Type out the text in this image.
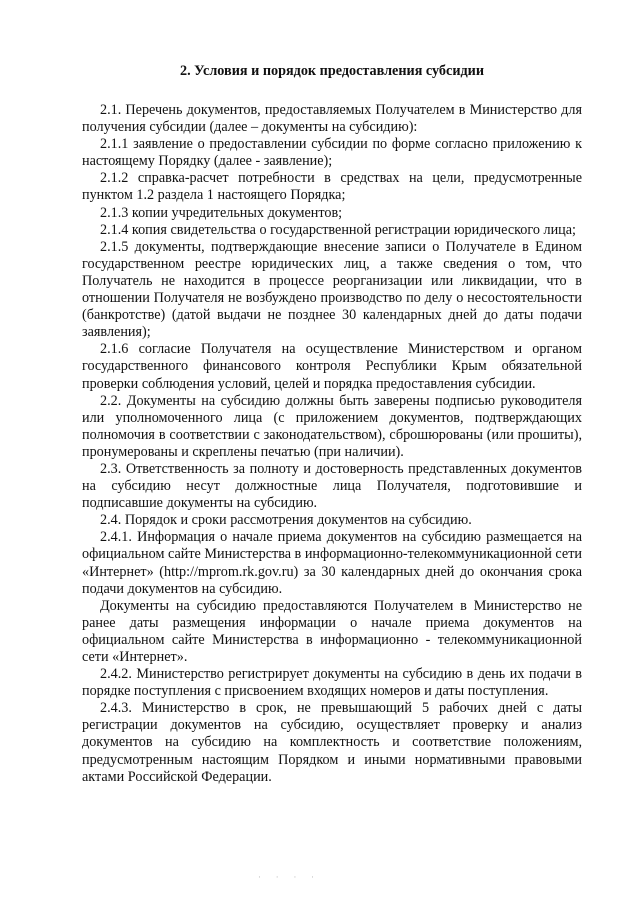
2. Условия и порядок предоставления субсидии

2.1. Перечень документов, предоставляемых Получателем в Министерство для получения субсидии (далее – документы на субсидию):

2.1.1 заявление о предоставлении субсидии по форме согласно приложению к настоящему Порядку (далее - заявление);

2.1.2 справка-расчет потребности в средствах на цели, предусмотренные пунктом 1.2 раздела 1 настоящего Порядка;

2.1.3 копии учредительных документов;

2.1.4 копия свидетельства о государственной регистрации юридического лица;

2.1.5 документы, подтверждающие внесение записи о Получателе в Едином государственном реестре юридических лиц, а также сведения о том, что Получатель не находится в процессе реорганизации или ликвидации, что в отношении Получателя не возбуждено производство по делу о несостоятельности (банкротстве) (датой выдачи не позднее 30 календарных дней до даты подачи заявления);

2.1.6 согласие Получателя на осуществление Министерством и органом государственного финансового контроля Республики Крым обязательной проверки соблюдения условий, целей и порядка предоставления субсидии.

2.2. Документы на субсидию должны быть заверены подписью руководителя или уполномоченного лица (с приложением документов, подтверждающих полномочия в соответствии с законодательством), сброшюрованы (или прошиты), пронумерованы и скреплены печатью (при наличии).

2.3. Ответственность за полноту и достоверность представленных документов на субсидию несут должностные лица Получателя, подготовившие и подписавшие документы на субсидию.

2.4. Порядок и сроки рассмотрения документов на субсидию.

2.4.1. Информация о начале приема документов на субсидию размещается на официальном сайте Министерства в информационно-телекоммуникационной сети «Интернет» (http://mprom.rk.gov.ru) за 30 календарных дней до окончания срока подачи документов на субсидию.

Документы на субсидию предоставляются Получателем в Министерство не ранее даты размещения информации о начале приема документов на официальном сайте Министерства в информационно - телекоммуникационной сети «Интернет».

2.4.2. Министерство регистрирует документы на субсидию в день их подачи в порядке поступления с присвоением входящих номеров и даты поступления.

2.4.3. Министерство в срок, не превышающий 5 рабочих дней с даты регистрации документов на субсидию, осуществляет проверку и анализ документов на субсидию на комплектность и соответствие положениям, предусмотренным настоящим Порядком и иными нормативными правовыми актами Российской Федерации.

· · · ·
